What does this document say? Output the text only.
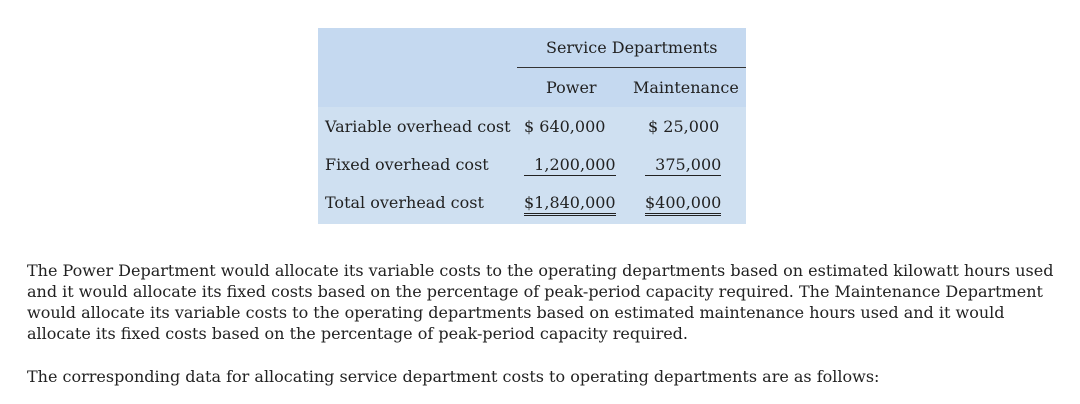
Service Departments
Power Maintenance
Variable overhead cost $ 640,000	$ 25,000
Fixed overhead cost	1,200,000	375,000
Total overhead cost	$1,840,000 $400,000

The Power Department would allocate its variable costs to the operating departments based on estimated kilowatt hours used and it would allocate its fixed costs based on the percentage of peak-period capacity required. The Maintenance Department would allocate its variable costs to the operating departments based on estimated maintenance hours used and it would allocate its fixed costs based on the percentage of peak-period capacity required.

The corresponding data for allocating service department costs to operating departments are as follows:
